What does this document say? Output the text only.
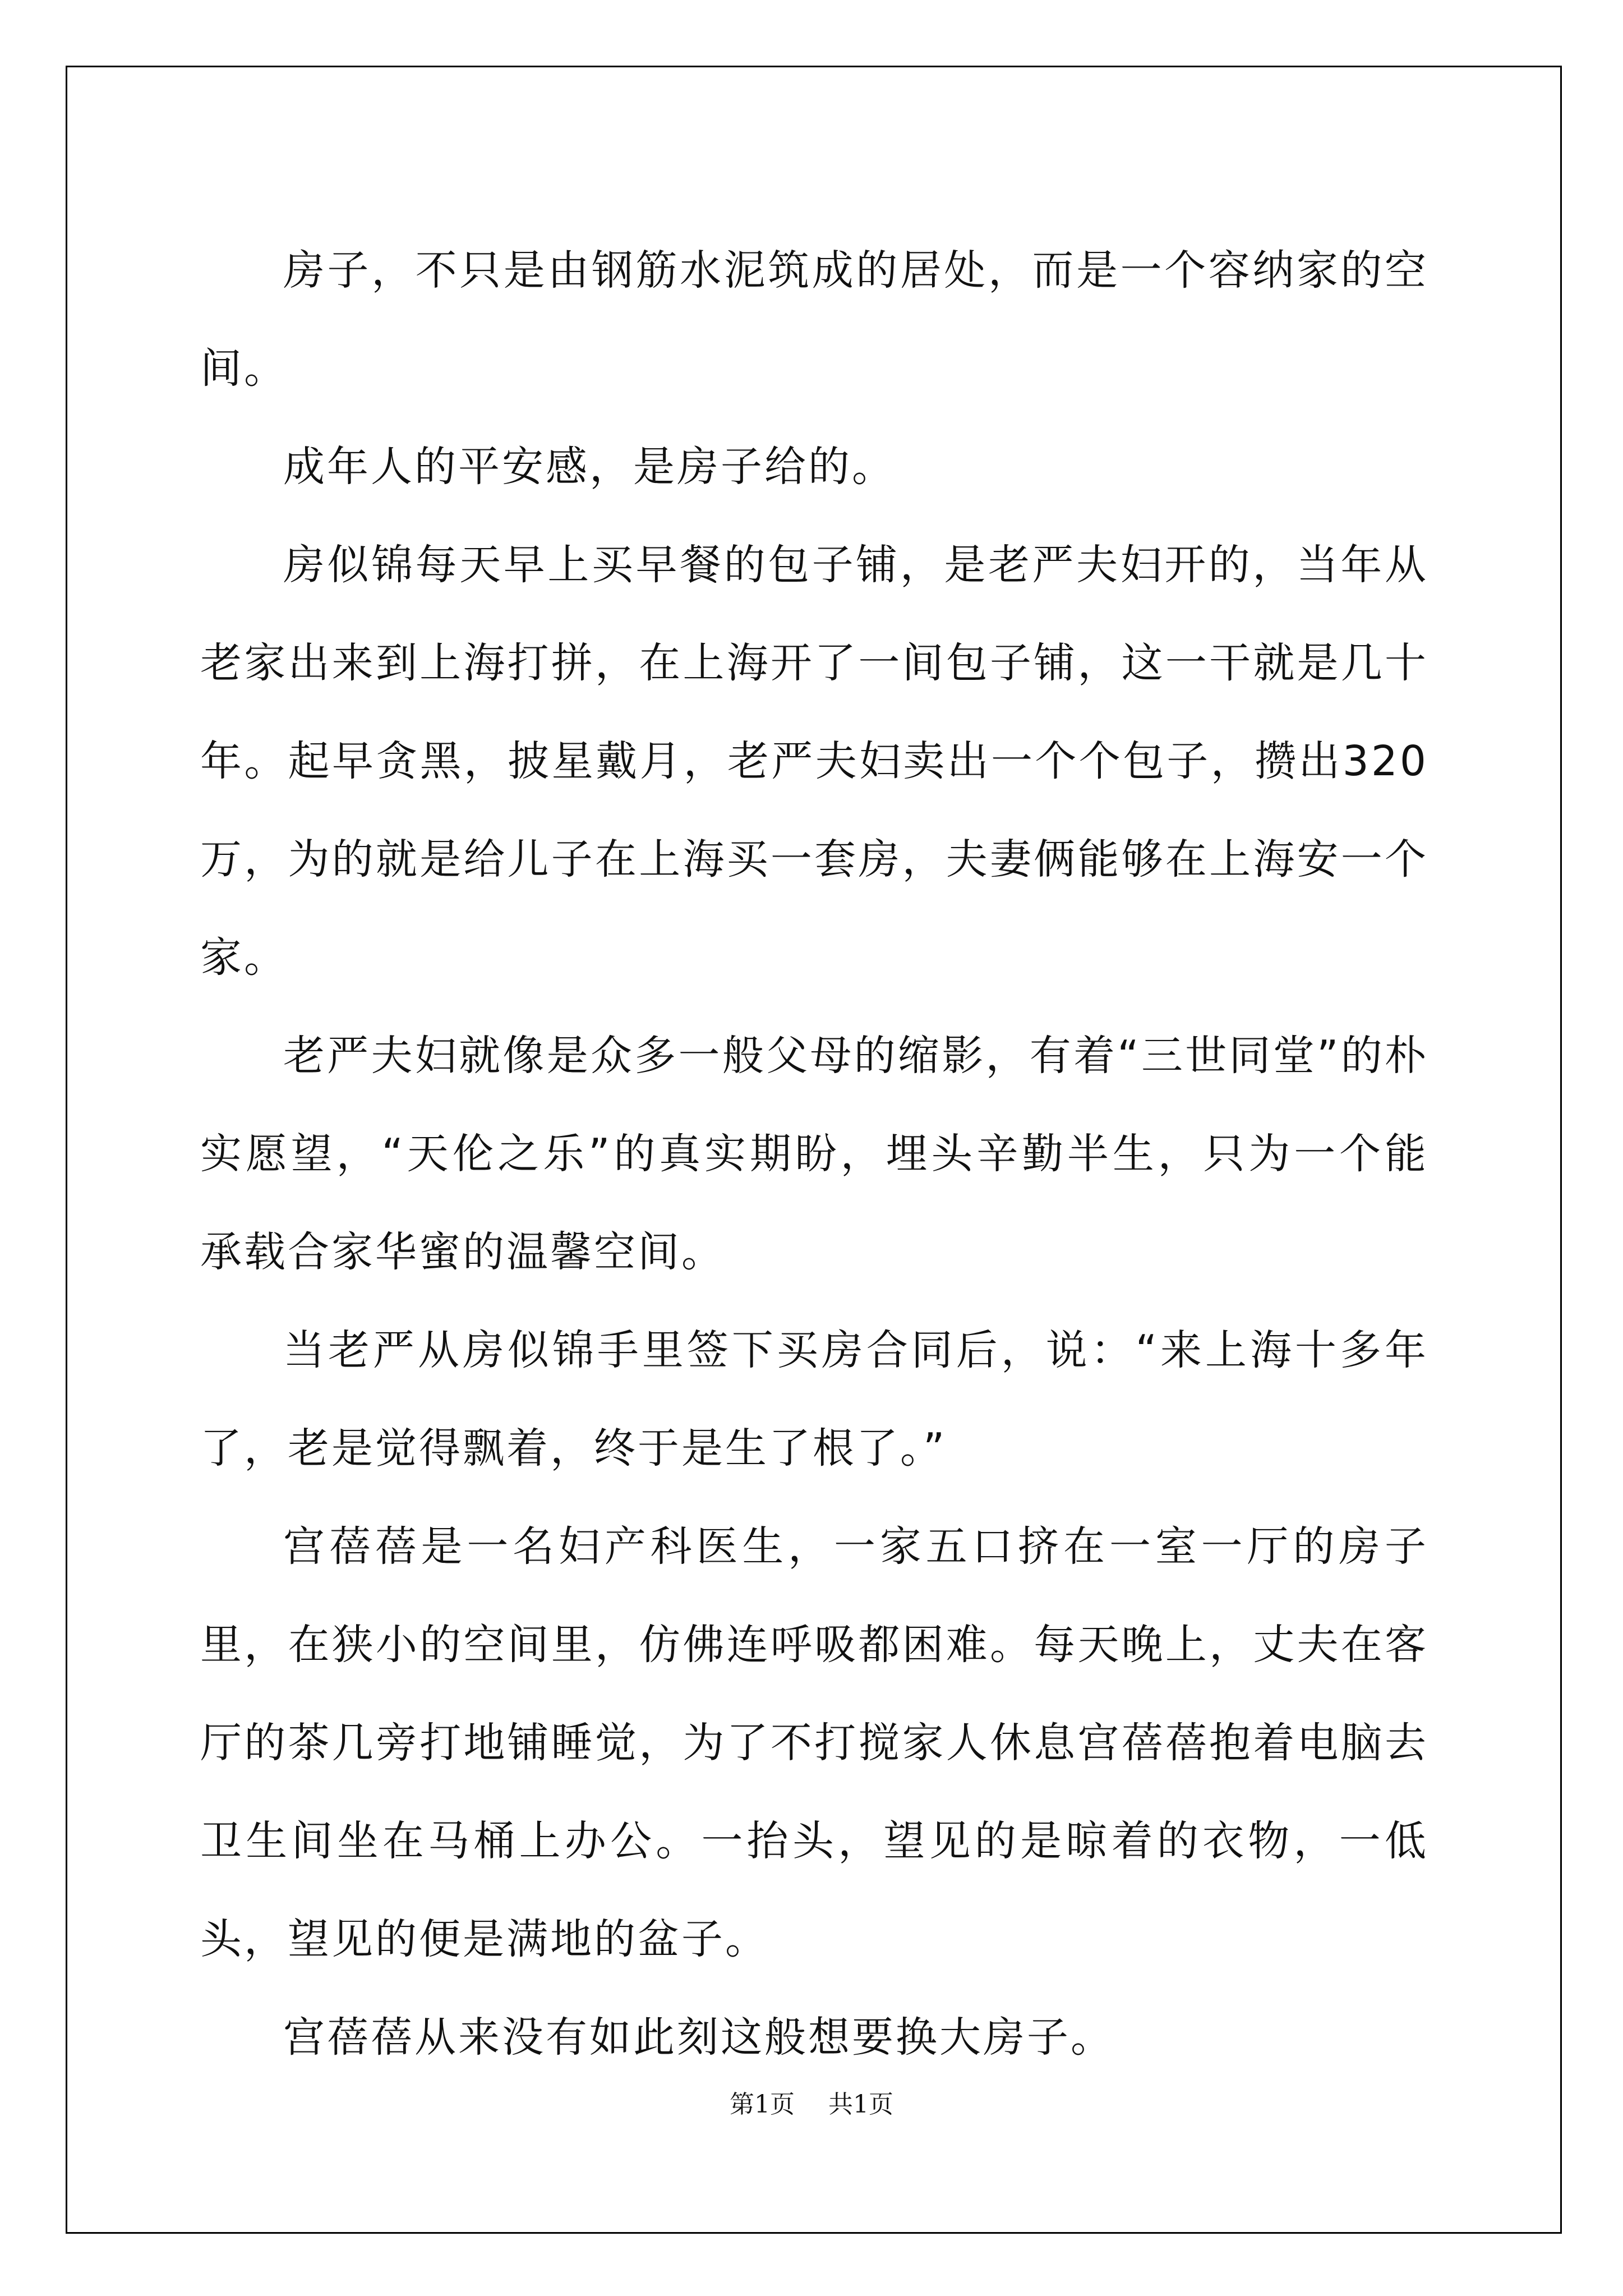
房子，不只是由钢筋水泥筑成的居处，而是一个容纳家的空间。

成年人的平安感，是房子给的。

房似锦每天早上买早餐的包子铺，是老严夫妇开的，当年从老家出来到上海打拼，在上海开了一间包子铺，这一干就是几十年。起早贪黑，披星戴月，老严夫妇卖出一个个包子，攒出320万，为的就是给儿子在上海买一套房，夫妻俩能够在上海安一个家。

老严夫妇就像是众多一般父母的缩影，有着“三世同堂”的朴实愿望，“天伦之乐”的真实期盼，埋头辛勤半生，只为一个能承载合家华蜜的温馨空间。

当老严从房似锦手里签下买房合同后，说：“来上海十多年了，老是觉得飘着，终于是生了根了。”

宫蓓蓓是一名妇产科医生，一家五口挤在一室一厅的房子里，在狭小的空间里，仿佛连呼吸都困难。每天晚上，丈夫在客厅的茶几旁打地铺睡觉，为了不打搅家人休息宫蓓蓓抱着电脑去卫生间坐在马桶上办公。一抬头，望见的是晾着的衣物，一低头，望见的便是满地的盆子。

宫蓓蓓从来没有如此刻这般想要换大房子。

第1页 共1页
